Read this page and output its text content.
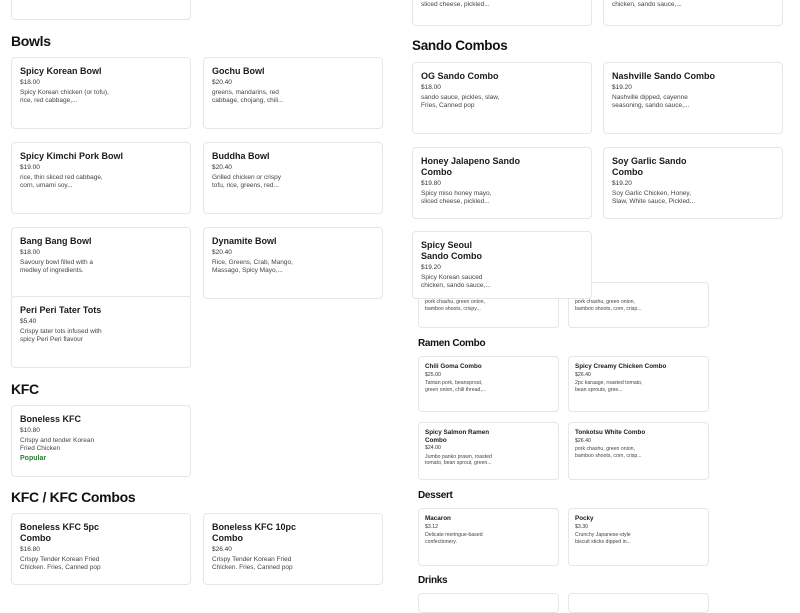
Bowls
Spicy Korean Bowl
$18.00
Spicy Korean chicken (or tofu), rice, red cabbage,...
Gochu Bowl
$20.40
greens, mandarins, red cabbage, chojang, chili...
Spicy Kimchi Pork Bowl
$19.00
rice, thin sliced red cabbage, corn, umami soy...
Buddha Bowl
$20.40
Grilled chicken or crispy tofu, rice, greens, red...
Bang Bang Bowl
$18.00
Savoury bowl filled with a medley of ingredients.
Dynamite Bowl
$20.40
Rice, Greens, Crab, Mango, Massago, Spicy Mayo,...
Peri Peri Tater Tots
$5.40
Crispy tater tots infused with spicy Peri Peri flavour
KFC
Boneless KFC
$10.80
Crispy and tender Korean Fried Chicken
Popular
KFC / KFC Combos
Boneless KFC 5pc Combo
$16.80
Crispy Tender Korean Fried Chicken. Fries, Canned pop
Boneless KFC 10pc Combo
$26.40
Crispy Tender Korean Fried Chicken. Fries, Canned pop
sliced cheese, pickled...	chicken, sando sauce,...
Sando Combos
OG Sando Combo
$18.00
sando sauce, pickles, slaw, Fries, Canned pop
Nashville Sando Combo
$19.20
Nashville dipped, cayenne seasoning, sando sauce,...
Honey Jalapeno Sando Combo
$19.80
Spicy miso honey mayo, sliced cheese, pickled...
Soy Garlic Sando Combo
$19.20
Soy Garlic Chicken, Honey, Slaw, White sauce, Pickled...
pork chashu, green onion, bamboo shoots, crispy...
pork chashu, green onion, bamboo shoots, corn, crisp...
Spicy Seoul Sando Combo
$19.20
Spicy Korean sauced chicken, sando sauce,...
Ramen Combo
Chili Goma Combo
$25.00
Tantan pork, beansprout, green onion, chili thread,...
Spicy Creamy Chicken Combo
$26.40
2pc karaage, roasted tomato, bean sprouts, gree...
Spicy Salmon Ramen Combo
$24.00
Jumbo panko prawn, roasted tomato, bean sprout, green...
Tonkotsu White Combo
$26.40
pork chashu, green onion, bamboo shoots, corn, crisp...
Dessert
Macaron
$3.12
Delicate meringue-based confectionery.
Pocky
$3.30
Crunchy Japanese-style biscuit sticks dipped in...
Drinks
